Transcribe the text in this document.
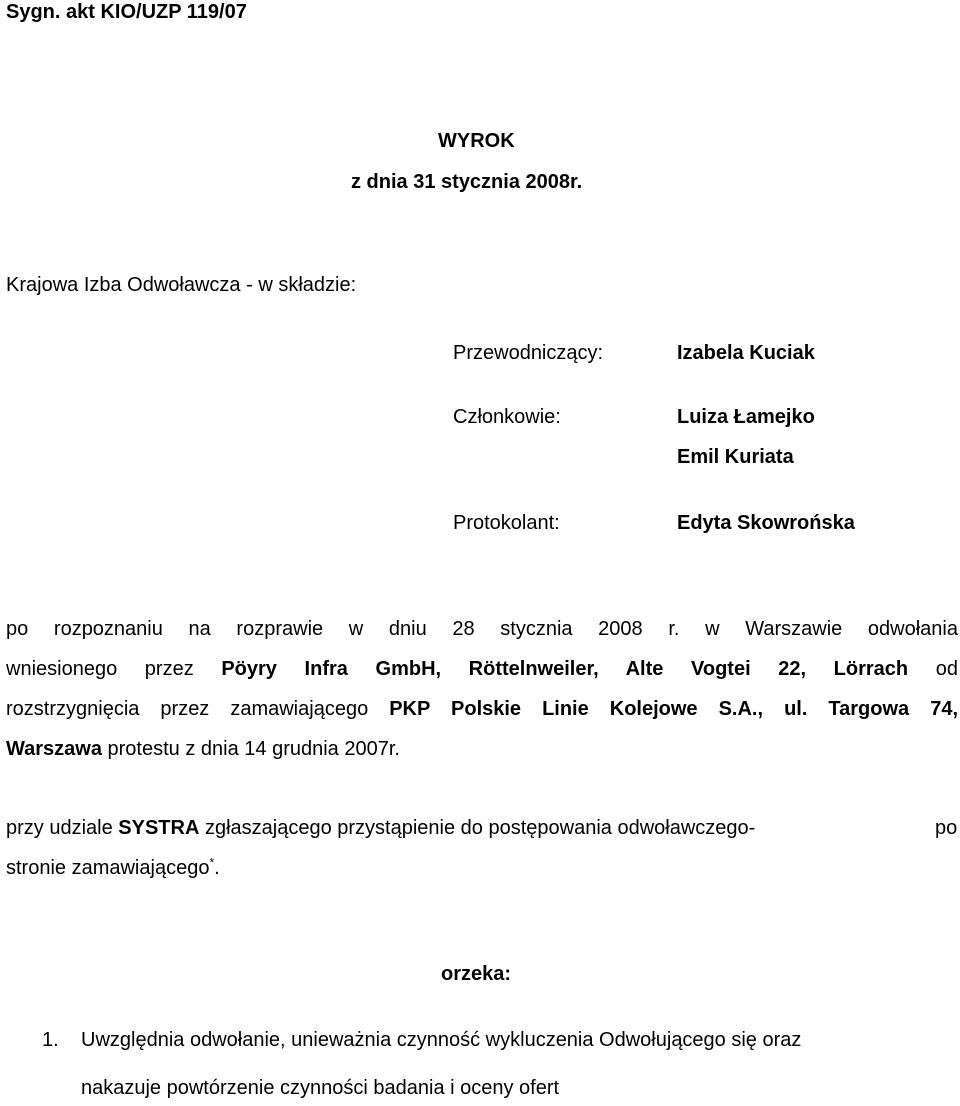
Sygn. akt KIO/UZP 119/07
WYROK
z dnia 31 stycznia 2008r.
Krajowa Izba Odwoławcza - w składzie:
Przewodniczący:	Izabela Kuciak
Członkowie:	Luiza Łamejko
Emil Kuriata
Protokolant:	Edyta Skowrońska
po rozpoznaniu na rozprawie w dniu 28 stycznia 2008 r. w Warszawie odwołania
wniesionego przez Pöyry Infra GmbH, Röttelnweiler, Alte Vogtei 22, Lörrach od
rozstrzygnięcia przez zamawiającego PKP Polskie Linie Kolejowe S.A., ul. Targowa 74,
Warszawa protestu z dnia 14 grudnia 2007r.
przy udziale SYSTRA zgłaszającego przystąpienie do postępowania odwoławczego-	po
stronie zamawiającego*.
orzeka:
1. Uwzględnia odwołanie, unieważnia czynność wykluczenia Odwołującego się oraz
nakazuje powtórzenie czynności badania i oceny ofert
